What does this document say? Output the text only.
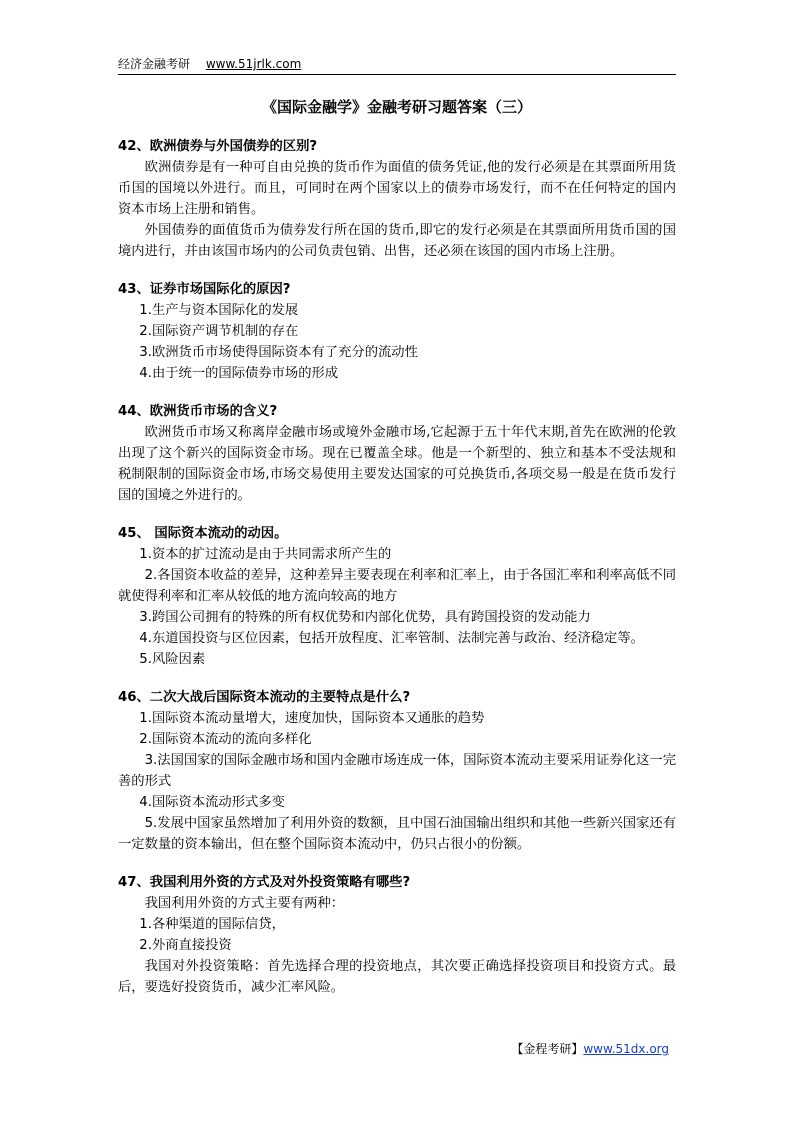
经济金融考研 www.51jrlk.com
《国际金融学》金融考研习题答案（三）

42、欧洲债券与外国债券的区别?

欧洲债券是有一种可自由兑换的货币作为面值的债务凭证,他的发行必须是在其票面所用货币国的国境以外进行。而且，可同时在两个国家以上的债券市场发行，而不在任何特定的国内资本市场上注册和销售。

外国债券的面值货币为债券发行所在国的货币,即它的发行必须是在其票面所用货币国的国境内进行，并由该国市场内的公司负责包销、出售，还必须在该国的国内市场上注册。

43、证券市场国际化的原因?

1.生产与资本国际化的发展

2.国际资产调节机制的存在

3.欧洲货币市场使得国际资本有了充分的流动性

4.由于统一的国际债券市场的形成

44、欧洲货币市场的含义?

欧洲货币市场又称离岸金融市场或境外金融市场,它起源于五十年代末期,首先在欧洲的伦敦出现了这个新兴的国际资金市场。现在已覆盖全球。他是一个新型的、独立和基本不受法规和税制限制的国际资金市场,市场交易使用主要发达国家的可兑换货币,各项交易一般是在货币发行国的国境之外进行的。

45、 国际资本流动的动因。

1.资本的扩过流动是由于共同需求所产生的

2.各国资本收益的差异，这种差异主要表现在利率和汇率上，由于各国汇率和利率高低不同就使得利率和汇率从较低的地方流向较高的地方

3.跨国公司拥有的特殊的所有权优势和内部化优势，具有跨国投资的发动能力

4.东道国投资与区位因素，包括开放程度、汇率管制、法制完善与政治、经济稳定等。

5.风险因素

46、二次大战后国际资本流动的主要特点是什么?

1.国际资本流动量增大，速度加快，国际资本又通胀的趋势

2.国际资本流动的流向多样化

3.法国国家的国际金融市场和国内金融市场连成一体，国际资本流动主要采用证券化这一完善的形式

4.国际资本流动形式多变

5.发展中国家虽然增加了利用外资的数额，且中国石油国输出组织和其他一些新兴国家还有一定数量的资本输出，但在整个国际资本流动中，仍只占很小的份额。

47、我国利用外资的方式及对外投资策略有哪些?

我国利用外资的方式主要有两种：

1.各种渠道的国际信贷，

2.外商直接投资

我国对外投资策略：首先选择合理的投资地点，其次要正确选择投资项目和投资方式。最后，要选好投资货币，减少汇率风险。

【金程考研】www.51dx.org
